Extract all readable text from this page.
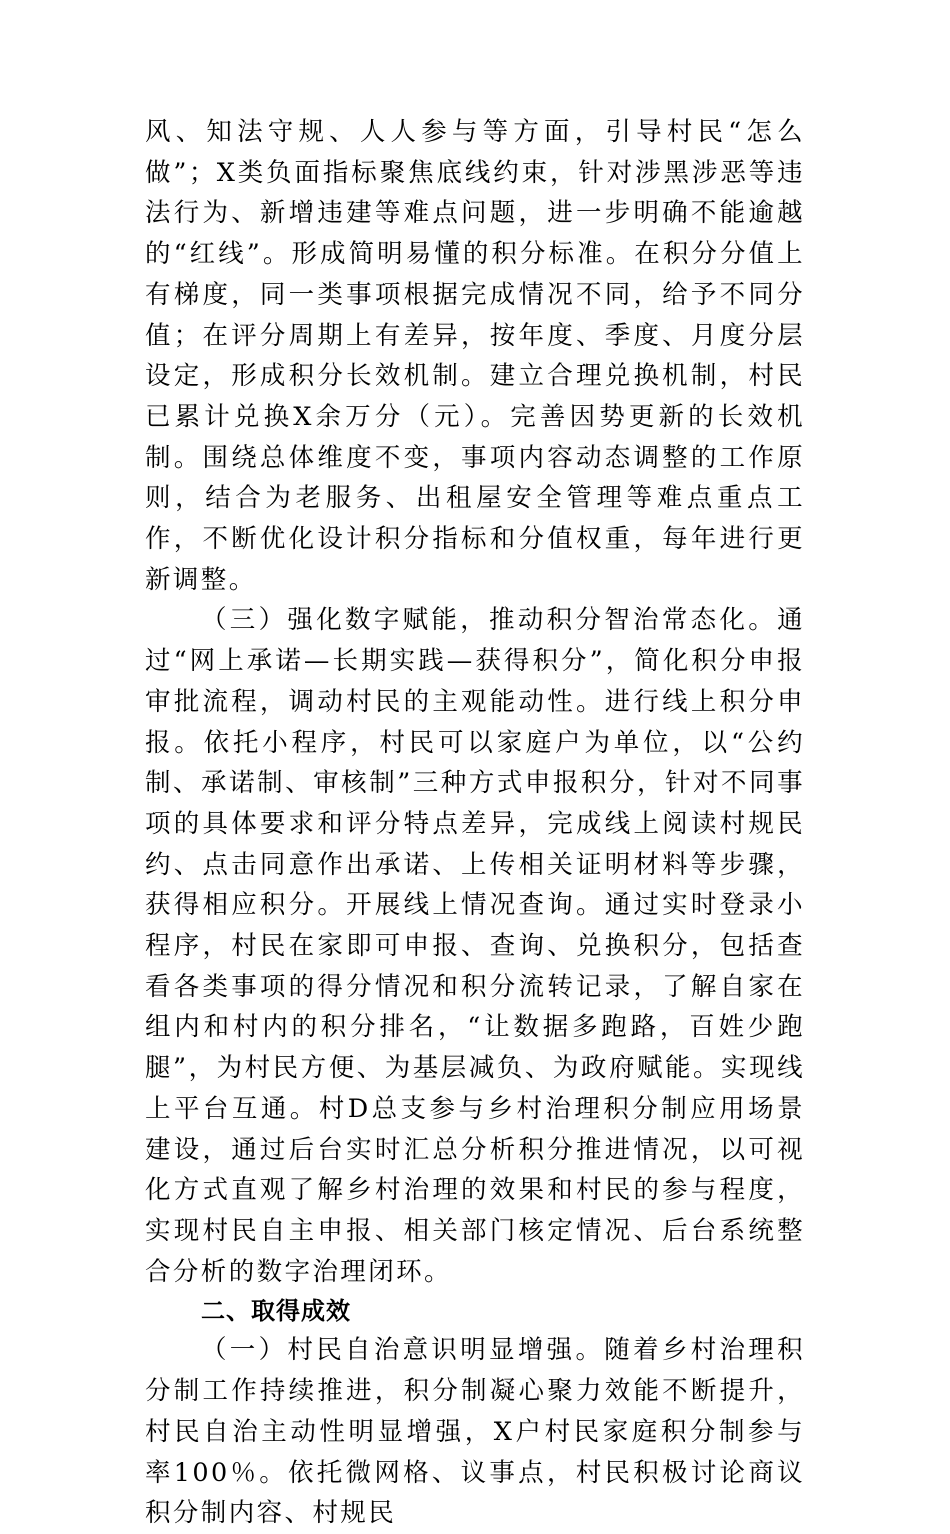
风、知法守规、人人参与等方面，引导村民“怎么做”；X类负面指标聚焦底线约束，针对涉黑涉恶等违法行为、新增违建等难点问题，进一步明确不能逾越的“红线”。形成简明易懂的积分标准。在积分分值上有梯度，同一类事项根据完成情况不同，给予不同分值；在评分周期上有差异，按年度、季度、月度分层设定，形成积分长效机制。建立合理兑换机制，村民已累计兑换X余万分（元）。完善因势更新的长效机制。围绕总体维度不变，事项内容动态调整的工作原则，结合为老服务、出租屋安全管理等难点重点工作，不断优化设计积分指标和分值权重，每年进行更新调整。

（三）强化数字赋能，推动积分智治常态化。通过“网上承诺—长期实践—获得积分”，简化积分申报审批流程，调动村民的主观能动性。进行线上积分申报。依托小程序，村民可以家庭户为单位，以“公约制、承诺制、审核制”三种方式申报积分，针对不同事项的具体要求和评分特点差异，完成线上阅读村规民约、点击同意作出承诺、上传相关证明材料等步骤，获得相应积分。开展线上情况查询。通过实时登录小程序，村民在家即可申报、查询、兑换积分，包括查看各类事项的得分情况和积分流转记录，了解自家在组内和村内的积分排名，“让数据多跑路，百姓少跑腿”，为村民方便、为基层减负、为政府赋能。实现线上平台互通。村D总支参与乡村治理积分制应用场景建设，通过后台实时汇总分析积分推进情况，以可视化方式直观了解乡村治理的效果和村民的参与程度，实现村民自主申报、相关部门核定情况、后台系统整合分析的数字治理闭环。

二、取得成效

（一）村民自治意识明显增强。随着乡村治理积分制工作持续推进，积分制凝心聚力效能不断提升，村民自治主动性明显增强，X户村民家庭积分制参与率100％。依托微网格、议事点，村民积极讨论商议积分制内容、村规民
